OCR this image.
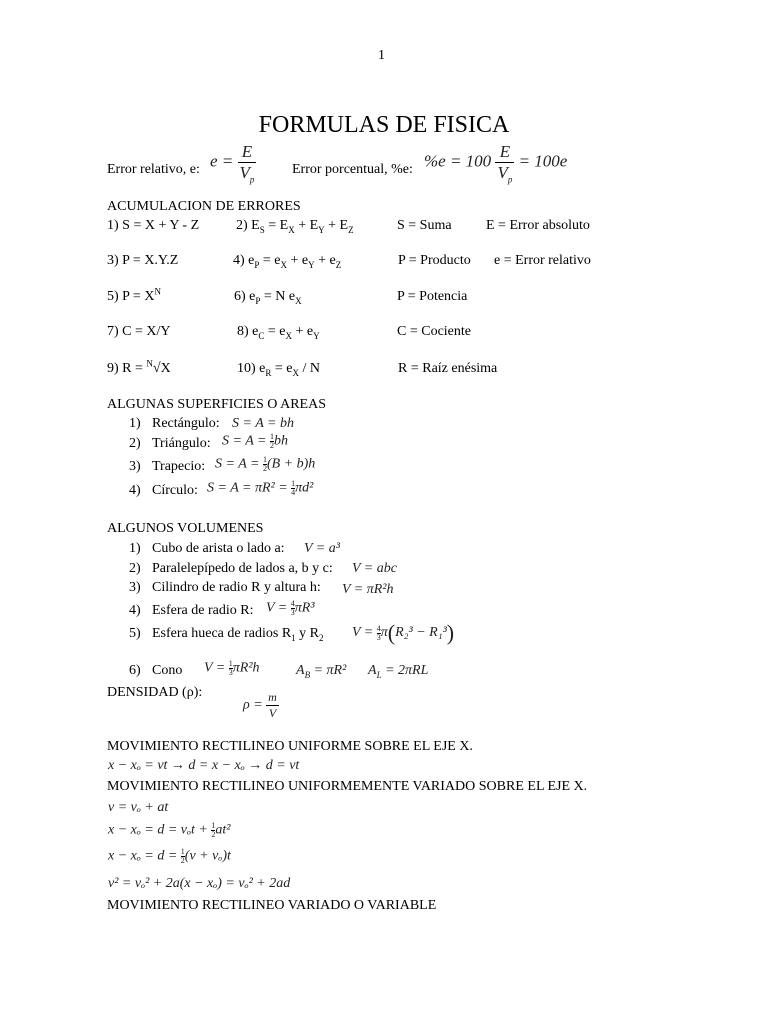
1
FORMULAS DE FISICA
Error relativo, e: $e = \frac{E}{V_p}$	Error porcentual, %e: $\%e = 100 \frac{E}{V_p} = 100e$
ACUMULACION DE ERRORES
1) S = X + Y - Z	2) $E_S = E_X + E_Y + E_Z$	S = Suma E = Error absoluto
3) P = X.Y.Z	4) $e_P = e_X + e_Y + e_Z$	P = Producto e = Error relativo
5) $P = X^N$	6) $e_P = N$ $e_X$	P = Potencia
7) C = X/Y	8) $e_C = e_X + e_Y$	C = Cociente
9) R = $^N$√X	10) $e_R = e_X / N$	R = Raíz enésima
ALGUNAS SUPERFICIES O AREAS
1) Rectángulo: S = A = bh
2) Triángulo: $S = A = \frac{1}{2}$ bh
3) Trapecio: $S = A = \frac{1}{2} (B + b)h$
4) Círculo: $S = A = \pi R^2 = \frac{1}{4} \pi d^2$
ALGUNOS VOLUMENES
1) Cubo de arista o lado a: V = a³
2) Paralelepípedo de lados a, b y c: V = abc
3) Cilindro de radio R y altura h: V = πR²h
4) Esfera de radio R: $V = \frac{4}{3} \pi R^3$
5) Esfera hueca de radios $R_1$ y $R_2$ $V = \frac{4}{3} \pi(R_2^3 - R_1^3)$
6) Cono $V = \frac{1}{3} \pi R^2h$	$A_B = \pi R^2$ $A_L = 2\pi RL$
DENSIDAD (ρ):
$\rho = \frac{m}{V}$
MOVIMIENTO RECTILINEO UNIFORME SOBRE EL EJE X.
x − xₒ = vt → d = x − xₒ → d = vt
MOVIMIENTO RECTILINEO UNIFORMEMENTE VARIADO SOBRE EL EJE X.
v = vₒ + at
$x - x_o = d = v_ot + \frac{1}{2} at^2$
$x - x_o = d = \frac{1}{2} (v + v_o)t$
v² = vₒ² + 2a(x − xₒ) = vₒ² + 2ad
MOVIMIENTO RECTILINEO VARIADO O VARIABLE
